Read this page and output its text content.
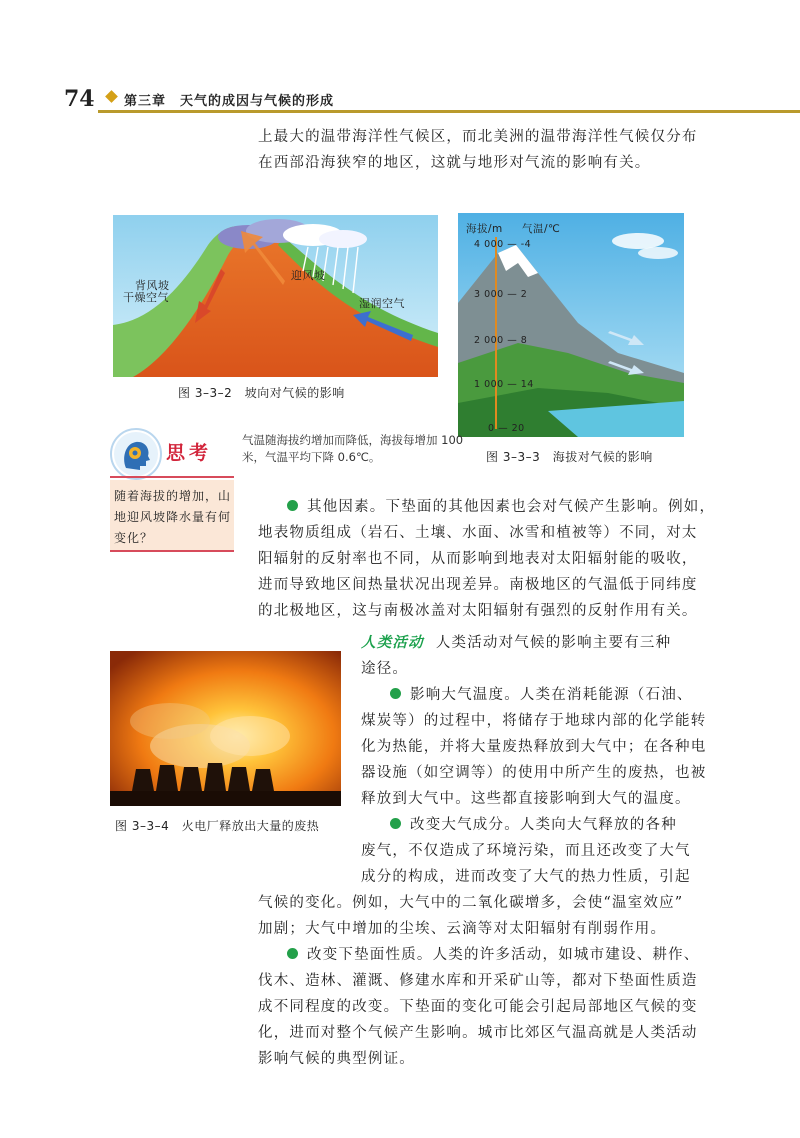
74 第三章　天气的成因与气候的形成

上最大的温带海洋性气候区，而北美洲的温带海洋性气候仅分布

在西部沿海狭窄的地区，这就与地形对气流的影响有关。

背风坡
迎风坡
干燥空气	湿润空气
图 3–3–2　坡向对气候的影响
海拔/m 气温/℃
4 000 — -4
3 000 — 2
2 000 — 8
1 000 — 14
0 — 20
图 3–3–3　海拔对气候的影响
气温随海拔约增加而降低，海拔每增加 100 米，气温平均下降 0.6℃。
思考
随着海拔的增加，山地迎风坡降水量有何变化？

其他因素。下垫面的其他因素也会对气候产生影响。例如，

地表物质组成（岩石、土壤、水面、冰雪和植被等）不同，对太

阳辐射的反射率也不同，从而影响到地表对太阳辐射能的吸收，

进而导致地区间热量状况出现差异。南极地区的气温低于同纬度

的北极地区，这与南极冰盖对太阳辐射有强烈的反射作用有关。

图 3–3–4　火电厂释放出大量的废热

人类活动 人类活动对气候的影响主要有三种

途径。

影响大气温度。人类在消耗能源（石油、

煤炭等）的过程中，将储存于地球内部的化学能转

化为热能，并将大量废热释放到大气中；在各种电

器设施（如空调等）的使用中所产生的废热，也被

释放到大气中。这些都直接影响到大气的温度。

改变大气成分。人类向大气释放的各种

废气，不仅造成了环境污染，而且还改变了大气

成分的构成，进而改变了大气的热力性质，引起

气候的变化。例如，大气中的二氧化碳增多，会使“温室效应”

加剧；大气中增加的尘埃、云滴等对太阳辐射有削弱作用。

改变下垫面性质。人类的许多活动，如城市建设、耕作、

伐木、造林、灌溉、修建水库和开采矿山等，都对下垫面性质造

成不同程度的改变。下垫面的变化可能会引起局部地区气候的变

化，进而对整个气候产生影响。城市比郊区气温高就是人类活动

影响气候的典型例证。
